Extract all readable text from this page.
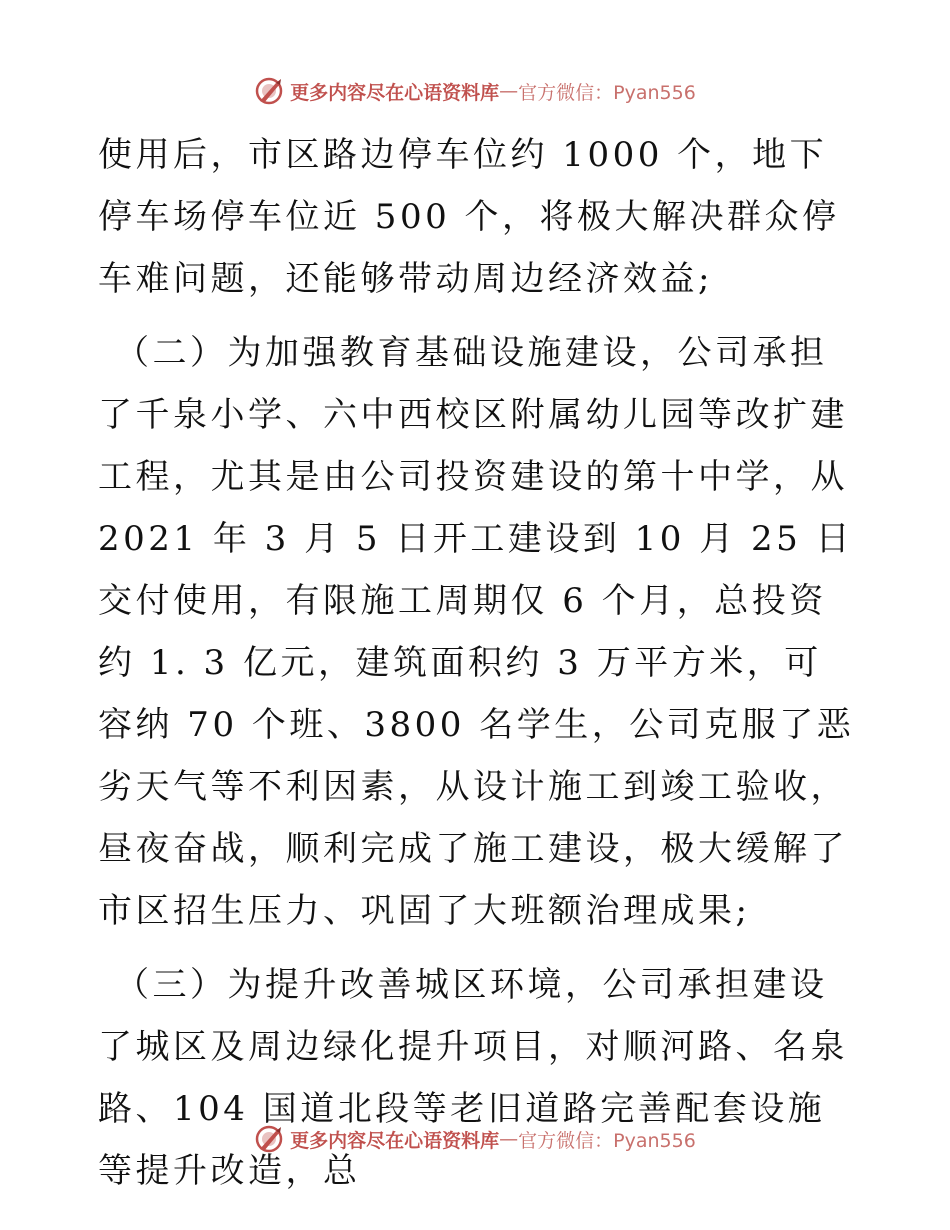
更多内容尽在心语资料库 — 官方微信：Pyan556

使用后，市区路边停车位约 1000 个，地下停车场停车位近 500 个，将极大解决群众停车难问题，还能够带动周边经济效益;

（二）为加强教育基础设施建设，公司承担了千泉小学、六中西校区附属幼儿园等改扩建工程，尤其是由公司投资建设的第十中学，从 2021 年 3 月 5 日开工建设到 10 月 25 日交付使用，有限施工周期仅 6 个月，总投资约 1. 3 亿元，建筑面积约 3 万平方米，可容纳 70 个班、3800 名学生，公司克服了恶劣天气等不利因素，从设计施工到竣工验收，昼夜奋战，顺利完成了施工建设，极大缓解了市区招生压力、巩固了大班额治理成果;

（三）为提升改善城区环境，公司承担建设了城区及周边绿化提升项目，对顺河路、名泉路、104 国道北段等老旧道路完善配套设施等提升改造，总

更多内容尽在心语资料库 — 官方微信：Pyan556
